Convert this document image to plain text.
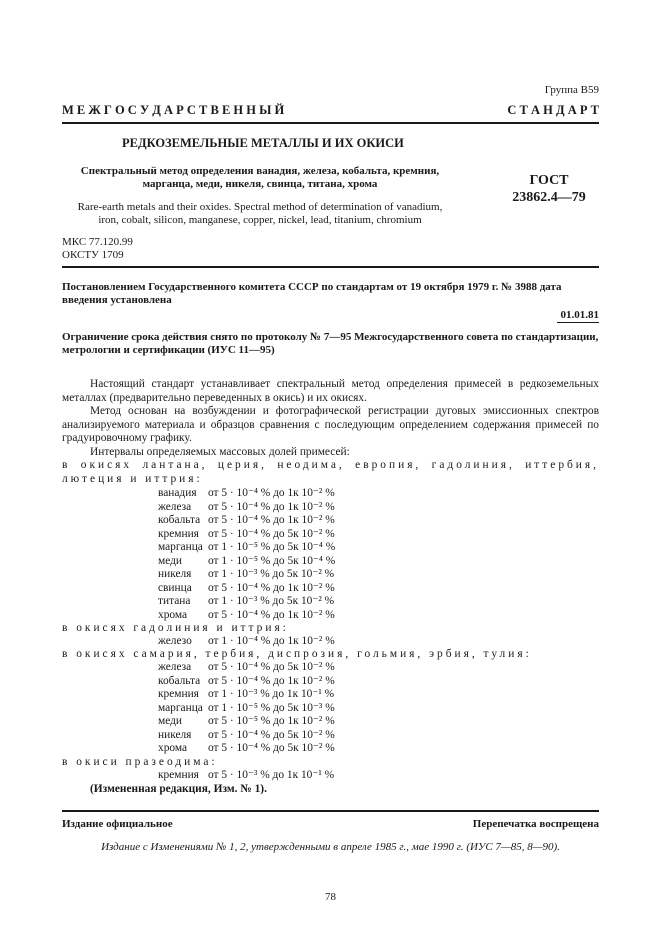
Группа В59
М Е Ж Г О С У Д А Р С Т В Е Н Н Ы Й	С Т А Н Д А Р Т
РЕДКОЗЕМЕЛЬНЫЕ МЕТАЛЛЫ И ИХ ОКИСИ
Спектральный метод определения ванадия, железа, кобальта, кремния,
марганца, меди, никеля, свинца, титана, хрома	ГОСТ
23862.4—79
Rare-earth metals and their oxides. Spectral method of determination of vanadium,
iron, cobalt, silicon, manganese, copper, nickel, lead, titanium, chromium
МКС 77.120.99
ОКСТУ 1709
Постановлением Государственного комитета СССР по стандартам от 19 октября 1979 г. № 3988 дата введения установлена
01.01.81
Ограничение срока действия снято по протоколу № 7—95 Межгосударственного совета по стандартизации, метрологии и сертификации (ИУС 11—95)

Настоящий стандарт устанавливает спектральный метод определения примесей в редкоземельных металлах (предварительно переведенных в окись) и их окисях.

Метод основан на возбуждении и фотографической регистрации дуговых эмиссионных спектров анализируемого материала и образцов сравнения с последующим определением содержания примесей по градуировочному графику.

Интервалы определяемых массовых долей примесей:

в окисях лантана, церия, неодима, европия, гадолиния, иттербия, лютеция и иттрия:

ванадия	от 5 · 10⁻⁴ % до 1к 10⁻² %
железа	от 5 · 10⁻⁴ % до 1к 10⁻² %
кобальта от 5 · 10⁻⁴ % до 1к 10⁻² %
кремния от 5 · 10⁻⁴ % до 5к 10⁻² %
марганца от 1 · 10⁻⁵ % до 5к 10⁻⁴ %
меди	от 1 · 10⁻⁵ % до 5к 10⁻⁴ %
никеля	от 1 · 10⁻³ % до 5к 10⁻² %
свинца	от 5 · 10⁻⁴ % до 1к 10⁻² %
титана	от 1 · 10⁻³ % до 5к 10⁻² %
хрома	от 5 · 10⁻⁴ % до 1к 10⁻² %

в окисях гадолиния и иттрия:

железо	от 1 · 10⁻⁴ % до 1к 10⁻² %

в окисях самария, тербия, диспрозия, гольмия, эрбия, тулия:

железа	от 5 · 10⁻⁴ % до 5к 10⁻² %
кобальта от 5 · 10⁻⁴ % до 1к 10⁻² %
кремния от 1 · 10⁻³ % до 1к 10⁻¹ %
марганца от 1 · 10⁻⁵ % до 5к 10⁻³ %
меди	от 5 · 10⁻⁵ % до 1к 10⁻² %
никеля	от 5 · 10⁻⁴ % до 5к 10⁻² %
хрома	от 5 · 10⁻⁴ % до 5к 10⁻² %

в окиси празеодима:

кремния от 5 · 10⁻³ % до 1к 10⁻¹ %
(Измененная редакция, Изм. № 1).
Издание официальное	Перепечатка воспрещена
Издание с Изменениями № 1, 2, утвержденными в апреле 1985 г., мае 1990 г. (ИУС 7—85, 8—90).
78
